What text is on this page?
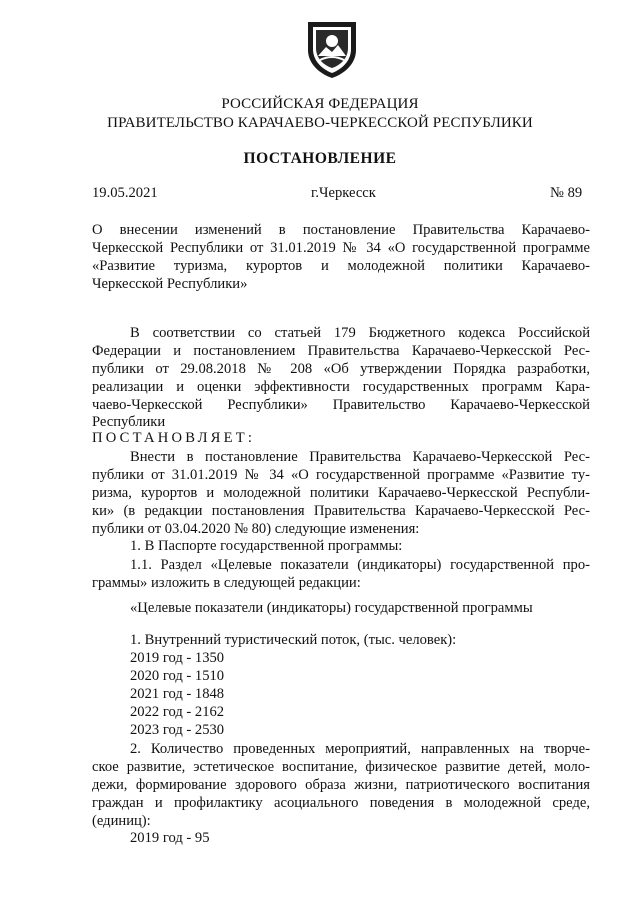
РОССИЙСКАЯ ФЕДЕРАЦИЯ
ПРАВИТЕЛЬСТВО КАРАЧАЕВО-ЧЕРКЕССКОЙ РЕСПУБЛИКИ
ПОСТАНОВЛЕНИЕ
19.05.2021	г.Черкесск	№ 89
О внесении изменений в постановление Правительства Карачаево-
Черкесской Республики от 31.01.2019 № 34 «О государственной программе
«Развитие туризма, курортов и молодежной политики Карачаево-
Черкесской Республики»
В соответствии со статьей 179 Бюджетного кодекса Российской
Федерации и постановлением Правительства Карачаево-Черкесской Рес-
публики от 29.08.2018 № 208 «Об утверждении Порядка разработки,
реализации и оценки эффективности государственных программ Кара-
чаево-Черкесской Республики» Правительство Карачаево-Черкесской
Республики
ПОСТАНОВЛЯЕТ:
Внести в постановление Правительства Карачаево-Черкесской Рес-
публики от 31.01.2019 № 34 «О государственной программе «Развитие ту-
ризма, курортов и молодежной политики Карачаево-Черкесской Республи-
ки» (в редакции постановления Правительства Карачаево-Черкесской Рес-
публики от 03.04.2020 № 80) следующие изменения:
1. В Паспорте государственной программы:
1.1. Раздел «Целевые показатели (индикаторы) государственной про-
граммы» изложить в следующей редакции:
«Целевые показатели (индикаторы) государственной программы
1. Внутренний туристический поток, (тыс. человек):
2019 год - 1350
2020 год - 1510
2021 год - 1848
2022 год - 2162
2023 год - 2530
2. Количество проведенных мероприятий, направленных на творче-
ское развитие, эстетическое воспитание, физическое развитие детей, моло-
дежи, формирование здорового образа жизни, патриотического воспитания
граждан и профилактику асоциального поведения в молодежной среде,
(единиц):
2019 год - 95
